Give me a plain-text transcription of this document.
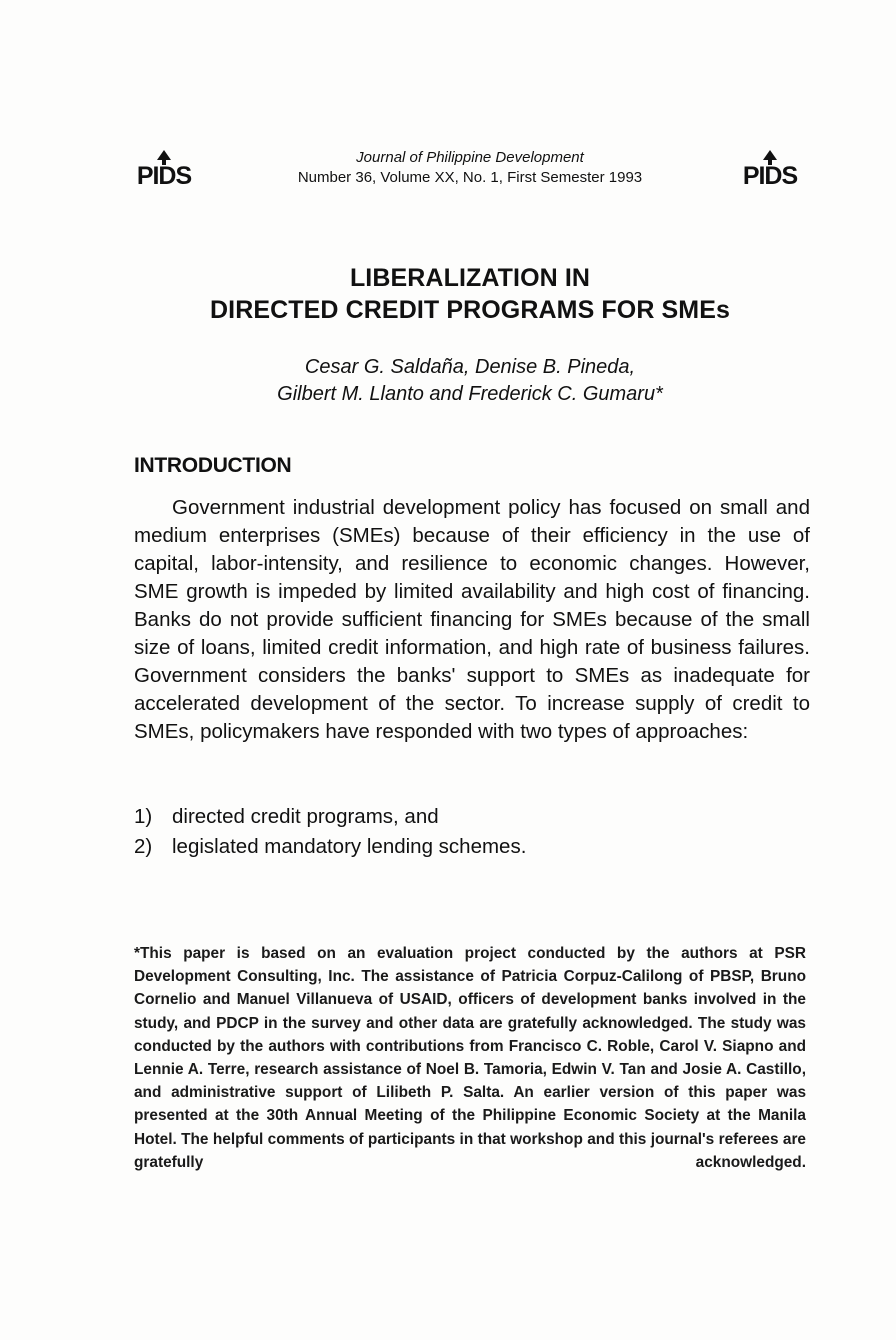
PIDS
Journal of Philippine Development
Number 36, Volume XX, No. 1, First Semester 1993	PIDS
LIBERALIZATION IN
DIRECTED CREDIT PROGRAMS FOR SMEs
Cesar G. Saldaña, Denise B. Pineda,
Gilbert M. Llanto and Frederick C. Gumaru*
INTRODUCTION

Government industrial development policy has focused on small and medium enterprises (SMEs) because of their efficiency in the use of capital, labor-intensity, and resilience to economic changes. However, SME growth is impeded by limited availability and high cost of financing. Banks do not provide sufficient financing for SMEs because of the small size of loans, limited credit information, and high rate of business failures. Government considers the banks' support to SMEs as inadequate for accelerated development of the sector. To increase supply of credit to SMEs, policymakers have responded with two types of approaches:

1) directed credit programs, and
2) legislated mandatory lending schemes.

*This paper is based on an evaluation project conducted by the authors at PSR Development Consulting, Inc. The assistance of Patricia Corpuz-Calilong of PBSP, Bruno Cornelio and Manuel Villanueva of USAID, officers of development banks involved in the study, and PDCP in the survey and other data are gratefully acknowledged. The study was conducted by the authors with contributions from Francisco C. Roble, Carol V. Siapno and Lennie A. Terre, research assistance of Noel B. Tamoria, Edwin V. Tan and Josie A. Castillo, and administrative support of Lilibeth P. Salta. An earlier version of this paper was presented at the 30th Annual Meeting of the Philippine Economic Society at the Manila Hotel. The helpful comments of participants in that workshop and this journal's referees are gratefully acknowledged.
